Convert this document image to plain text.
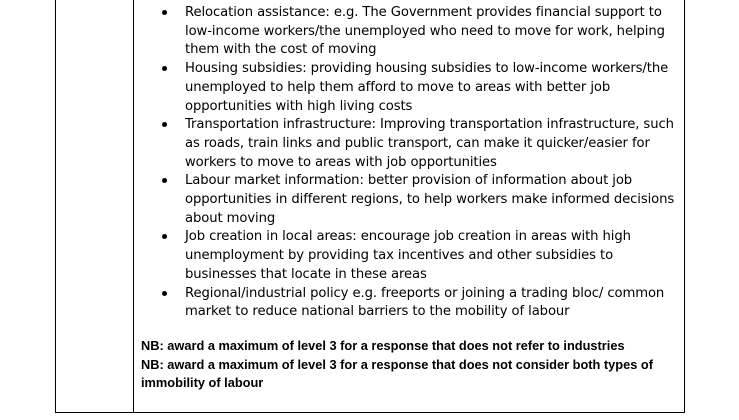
Relocation assistance: e.g. The Government provides financial support to low-income workers/the unemployed who need to move for work, helping them with the cost of moving
Housing subsidies: providing housing subsidies to low-income workers/the unemployed to help them afford to move to areas with better job opportunities with high living costs
Transportation infrastructure: Improving transportation infrastructure, such as roads, train links and public transport, can make it quicker/easier for workers to move to areas with job opportunities
Labour market information: better provision of information about job opportunities in different regions, to help workers make informed decisions about moving
Job creation in local areas: encourage job creation in areas with high unemployment by providing tax incentives and other subsidies to businesses that locate in these areas
Regional/industrial policy e.g. freeports or joining a trading bloc/ common market to reduce national barriers to the mobility of labour

NB: award a maximum of level 3 for a response that does not refer to industries

NB: award a maximum of level 3 for a response that does not consider both types of immobility of labour
